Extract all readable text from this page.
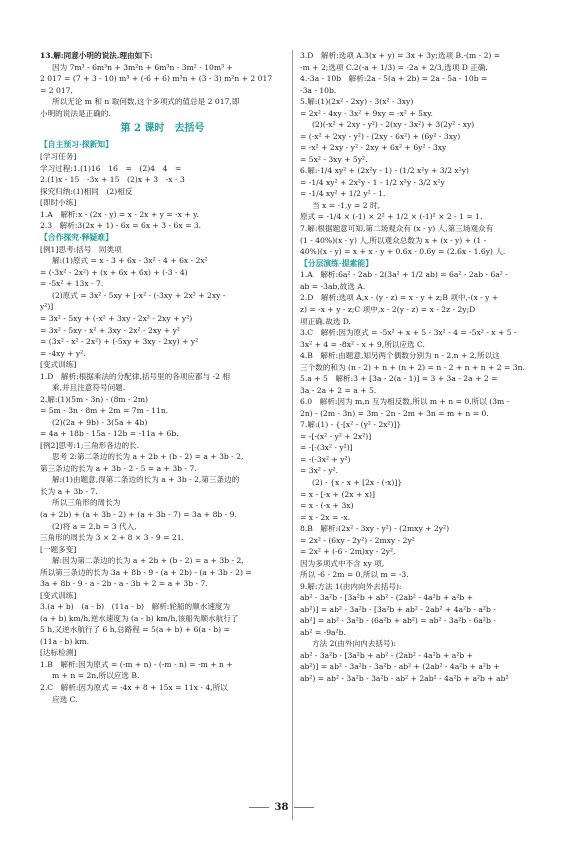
13.解:同意小明的说法.理由如下:
因为 7m³ - 6m³n + 3m²n + 6m³n - 3m² - 10m³ +
2 017 = (7 + 3 - 10) m³ + (-6 + 6) m³n + (3 - 3) m²n + 2 017
= 2 017,
所以无论 m 和 n 取何数,这个多项式的值总是 2 017,即
小明的说法是正确的.
第 2 课时　去括号
【自主预习·探新知】
[学习任务]
学习过程:1.(1)16　16　=　(2)4　4　=
2.(1)x - 15　-3x + 15　(2)x + 3　-x - 3
探究归纳:(1)相同　(2)相反
[即时小练]
1.A　解析:x - (2x - y) = x - 2x + y = -x + y.
2.3　解析:3(2x + 1) - 6x = 6x + 3 - 6x = 3.
【合作探究·释疑难】
[例1]思考:括号　同类项
解:(1)原式 = x - 3 + 6x - 3x² - 4 + 6x - 2x²
= (-3x² - 2x²) + (x + 6x + 6x) + (-3 - 4)
= -5x² + 13x - 7.
(2)原式 = 3x² - 5xy + [-x² - (-3xy + 2x² + 2xy -
y²)]
= 3x² - 5xy + (-x² + 3xy - 2x² - 2xy + y²)
= 3x² - 5xy - x² + 3xy - 2x² - 2xy + y²
= (3x² - x² - 2x²) + (-5xy + 3xy - 2xy) + y²
= -4xy + y².
[变式训练]
1.D　解析:根据乘法的分配律,括号里的各项应都与 -2 相
乘,并且注意符号问题.
2.解:(1)(5m - 3n) - (8m - 2m)
= 5m - 3n - 8m + 2m = 7m - 11n.
(2)(2a + 9b) - 3(5a + 4b)
= 4a + 18b - 15a - 12b = -11a + 6b.
[例2]思考:1;三角形各边的长.
思考 2:第二条边的长为 a + 2b + (b - 2) = a + 3b - 2,
第三条边的长为 a + 3b - 2 - 5 = a + 3b - 7.
解:(1)由题意,得第二条边的长为 a + 3b - 2,第三条边的
长为 a + 3b - 7.
所以三角形的周长为
(a + 2b) + (a + 3b - 2) + (a + 3b - 7) = 3a + 8b - 9.
(2)将 a = 2,b = 3 代入,
三角形的周长为 3 × 2 + 8 × 3 - 9 = 21.
[一题多变]
解:因为第二条边的长为 a + 2b + (b - 2) = a + 3b - 2,
所以第三条边的长为 3a + 8b - 9 - (a + 2b) - (a + 3b - 2) =
3a + 8b - 9 - a - 2b - a - 3b + 2 = a + 3b - 7.
[变式训练]
3.(a + b)　(a - b)　(11a - b)　解析:轮船的顺水速度为
(a + b) km/h,逆水速度为 (a - b) km/h,该船先顺水航行了
5 h,又逆水航行了 6 h,总路程 = 5(a + b) + 6(a - b) =
(11a - b) km.
[达标检测]
1.B　解析:因为原式 = (-m + n) - (-m - n) = -m + n +
m + n = 2n,所以应选 B.
2.C　解析:因为原式 = -4x + 8 + 15x = 11x - 4,所以
应选 C.
3.D　解析:选项 A.3(x + y) = 3x + 3y;选项 B.-(m - 2) =
-m + 2;选项 C.2(-a + 1/3) = -2a + 2/3,选项 D 正确.
4.-3a - 10b　解析:2a - 5(a + 2b) = 2a - 5a - 10b =
-3a - 10b.
5.解:(1)(2x² - 2xy) - 3(x² - 3xy)
= 2x² - 4xy - 3x² + 9xy = -x² + 5xy.
(2)(-x² + 2xy - y²) - 2(xy - 3x²) + 3(2y² - xy)
= (-x² + 2xy - y²) - (2xy - 6x²) + (6y² - 3xy)
= -x² + 2xy - y² - 2xy + 6x² + 6y² - 3xy
= 5x² - 3xy + 5y².
6.解:-1/4 xy² + (2x²y - 1) - (1/2 x²y + 3/2 x²y)
= -1/4 xy² + 2x²y - 1 - 1/2 x²y - 3/2 x²y
= -1/4 xy² + 1/2 y² - 1.
当 x = -1,y = 2 时,
原式 = -1/4 × (-1) × 2² + 1/2 × (-1)² × 2 - 1 = 1.
7.解:根据题意可知,第二场观众有 (x - y) 人,第三场观众有
(1 - 40%)(x - y) 人,所以观众总数为 x + (x - y) + (1 -
40%)(x - y) = x + x - y + 0.6x - 0.6y = (2.6x - 1.6y) 人.
【分层演练·提素能】
1.A　解析:6a² - 2ab - 2(3a² + 1/2 ab) = 6a² - 2ab - 6a² -
ab = -3ab,故选 A.
2.D　解析:选项 A,x - (y - z) = x - y + z;B 项中,-(x - y +
z) = -x + y - z;C 项中,x - 2(y - z) = x - 2z - 2y;D
项正确.故选 D.
3.C　解析:因为原式 = -5x² + x + 5 - 3x² - 4 = -5x² - x + 5 -
3x² + 4 = -8x² - x + 9,所以应选 C.
4.B　解析:由题意,知另两个偶数分别为 n - 2,n + 2,所以这
三个数的和为 (n - 2) + n + (n + 2) = n - 2 + n + n + 2 = 3n.
5.a + 5　解析:3 + [3a - 2(a - 1)] = 3 + 3a - 2a + 2 =
3a - 2a + 2 = a + 5.
6.0　解析:因为 m,n 互为相反数,所以 m + n = 0,所以 (3m -
2n) - (2m - 3n) = 3m - 2n - 2m + 3n = m + n = 0.
7.解:(1) - {-[x² - (y² - 2x²)]}
= -[-(x² - y² + 2x²)]
= -[-(3x² - y²)]
= -(-3x² + y²)
= 3x² - y².
(2) - {x - x + [2x - (-x)]}
= x - [-x + (2x + x)]
= x - (-x + 3x)
= x - 2x = -x.
8.B　解析:(2x² - 3xy - y²) - (2mxy + 2y²)
= 2x² - (6xy - 2y²) - 2mxy - 2y²
= 2x² + (-6 - 2m)xy - 2y²,
因为多项式中不含 xy 项,
所以 -6 - 2m = 0,所以 m = -3.
9.解:方法 1(由内向外去括号):
ab² - 3a²b - [3a²b + ab² - (2ab² - 4a²b + a²b +
ab²)] = ab² - 3a²b - [3a²b + ab² - 2ab² + 4a²b - a²b -
ab²] = ab² - 3a²b - (6a²b + ab²) = ab² - 3a²b - 6a²b -
ab² = -9a²b.
方法 2(由外向内去括号):
ab² - 3a²b - [3a²b + ab² - (2ab² - 4a²b + a²b +
ab²)] = ab² - 3a²b - 3a²b - ab² + (2ab² - 4a²b + a²b +
ab²) = ab² - 3a²b - 3a²b - ab² + 2ab² - 4a²b + a²b + ab²
38
